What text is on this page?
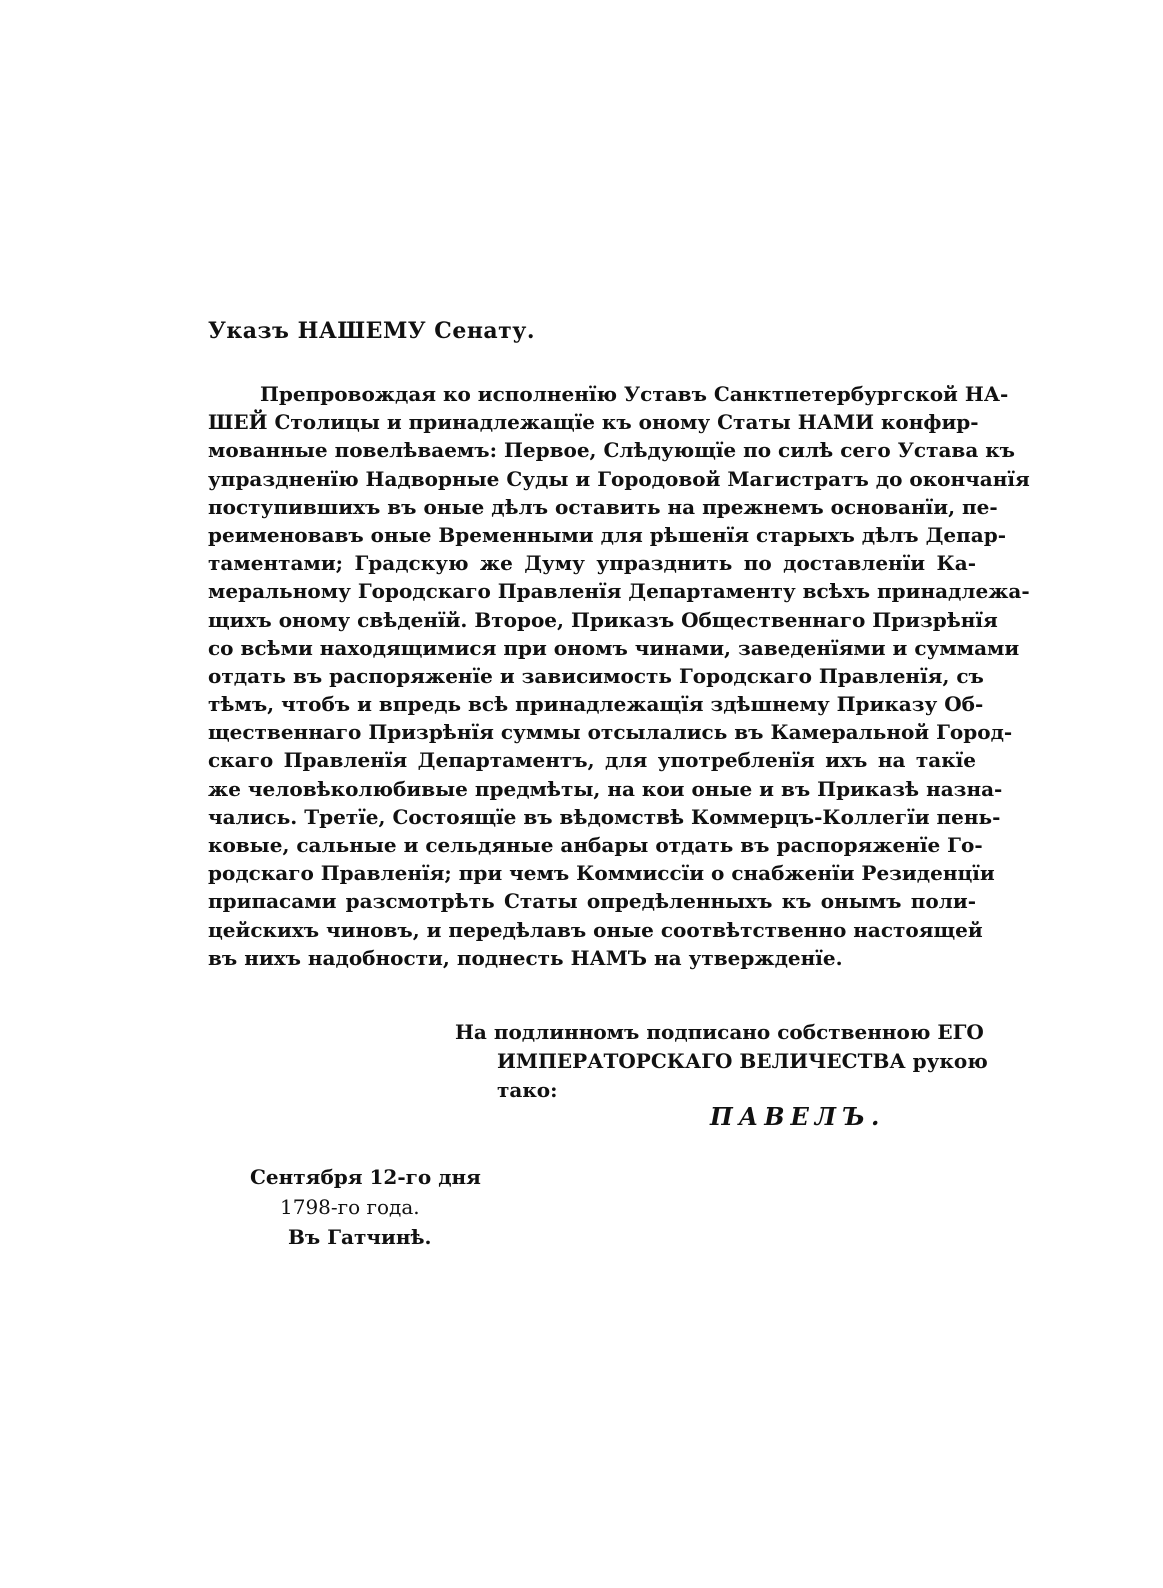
Указъ НАШЕМУ Сенату.
Препровождая ко исполненїю Уставъ Санктпетербургской НА-
ШЕЙ Столицы и принадлежащїе къ оному Статы НАМИ конфир-
мованные повелѣваемъ: Первое, Слѣдующїе по силѣ сего Устава къ
упраздненїю Надворные Суды и Городовой Магистратъ до окончанїя
поступившихъ въ оные дѣлъ оставить на прежнемъ основанїи, пе-
реименовавъ оные Временными для рѣшенїя старыхъ дѣлъ Депар-
таментами; Градскую же Думу упразднить по доставленїи Ка-
меральному Городскаго Правленїя Департаменту всѣхъ принадлежа-
щихъ оному свѣденїй. Второе, Приказъ Общественнаго Призрѣнїя
со всѣми находящимися при ономъ чинами, заведенїями и суммами
отдать въ распоряженїе и зависимость Городскаго Правленїя, съ
тѣмъ, чтобъ и впредь всѣ принадлежащїя здѣшнему Приказу Об-
щественнаго Призрѣнїя суммы отсылались въ Камеральной Город-
скаго Правленїя Департаментъ, для употребленїя ихъ на такїе
же человѣколюбивые предмѣты, на кои оные и въ Приказѣ назна-
чались. Третїе, Состоящїе въ вѣдомствѣ Коммерцъ-Коллегїи пень-
ковые, сальные и сельдяные анбары отдать въ распоряженїе Го-
родскаго Правленїя; при чемъ Коммиссїи о снабженїи Резиденцїи
припасами разсмотрѣть Статы опредѣленныхъ къ онымъ поли-
цейскихъ чиновъ, и передѣлавъ оные соотвѣтственно настоящей
въ нихъ надобности, поднесть НАМЪ на утвержденїе.
На подлинномъ подписано собственною ЕГО
ИМПЕРАТОРСКАГО ВЕЛИЧЕСТВА рукою
тако:
ПАВЕЛЪ.
Сентября 12-го дня
1798-го года.
Въ Гатчинѣ.
